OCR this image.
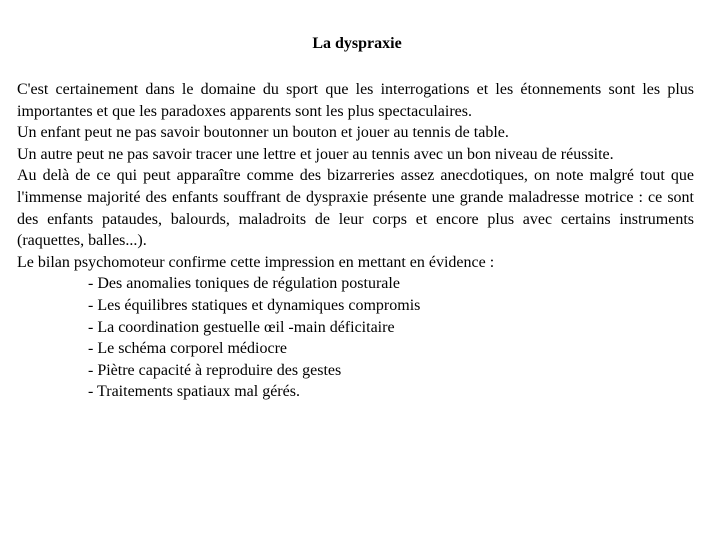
La dyspraxie

C'est certainement dans le domaine du sport que les interrogations et les étonnements sont les plus importantes et que les paradoxes apparents sont les plus spectaculaires.

Un enfant peut ne pas savoir boutonner un bouton et jouer au tennis de table.

Un autre peut ne pas savoir tracer une lettre et jouer au tennis avec un bon niveau de réussite.

Au delà de ce qui peut apparaître comme des bizarreries assez anecdotiques, on note malgré tout que l'immense majorité des enfants souffrant de dyspraxie présente une grande maladresse motrice : ce sont des enfants pataudes, balourds, maladroits de leur corps et encore plus avec certains instruments (raquettes, balles...).

Le bilan psychomoteur confirme cette impression en mettant en évidence :

- Des anomalies toniques de régulation posturale
- Les équilibres statiques et dynamiques compromis
- La coordination gestuelle œil -main déficitaire
- Le schéma corporel médiocre
- Piètre capacité à reproduire des gestes
- Traitements spatiaux mal gérés.
